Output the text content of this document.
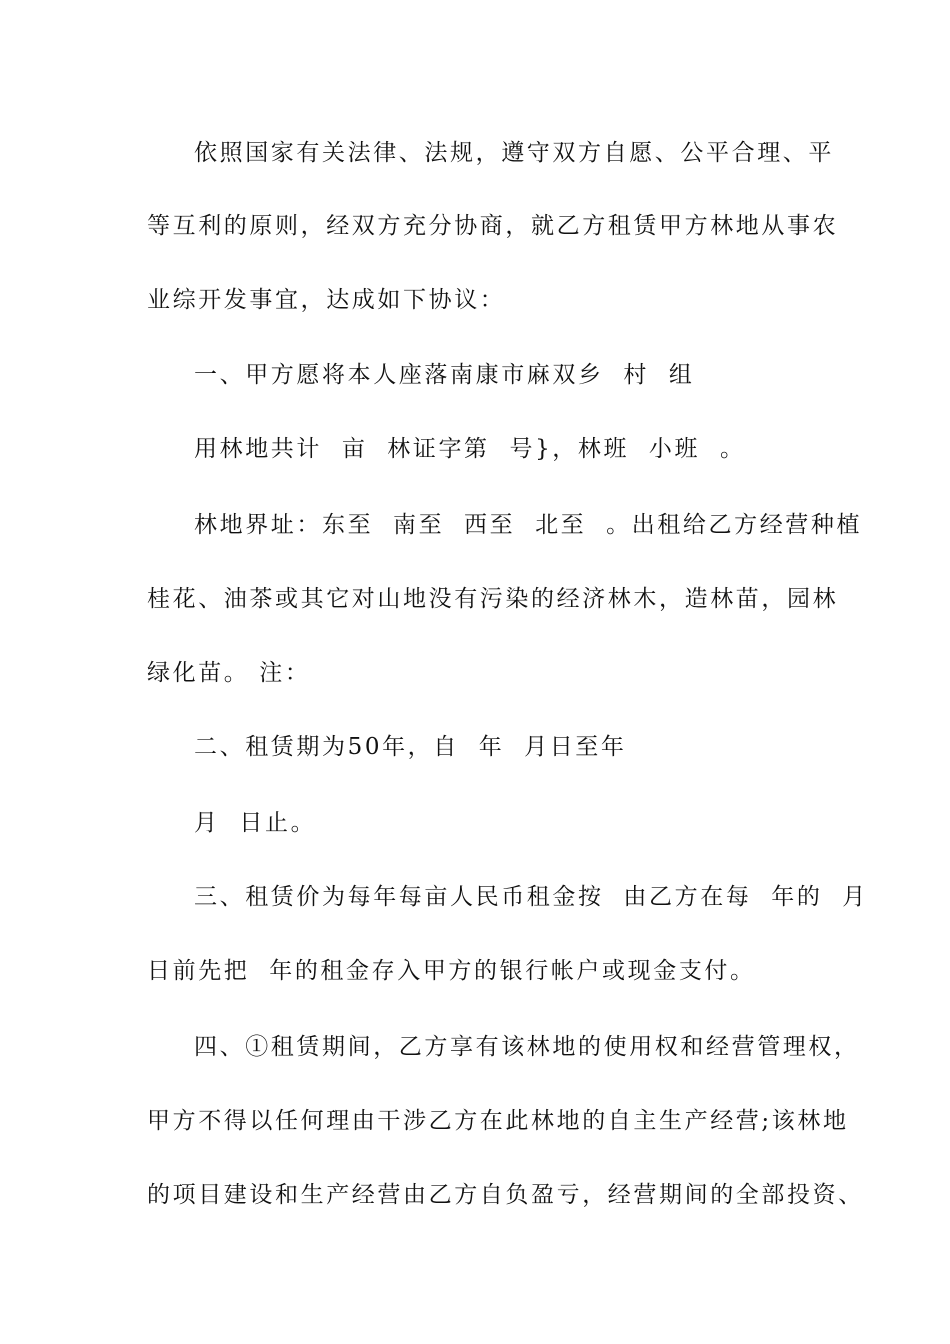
依照国家有关法律、法规，遵守双方自愿、公平合理、平
等互利的原则，经双方充分协商，就乙方租赁甲方林地从事农
业综开发事宜，达成如下协议：
一、甲方愿将本人座落南康市麻双乡  村  组
用林地共计  亩  林证字第  号}，林班  小班  。
林地界址：东至  南至  西至  北至  。出租给乙方经营种植
桂花、油茶或其它对山地没有污染的经济林木，造林苗，园林
绿化苗。 注：
二、租赁期为50年，自  年  月日至年
月  日止。
三、租赁价为每年每亩人民币租金按  由乙方在每  年的  月
日前先把  年的租金存入甲方的银行帐户或现金支付。
四、①租赁期间，乙方享有该林地的使用权和经营管理权，
甲方不得以任何理由干涉乙方在此林地的自主生产经营;该林地
的项目建设和生产经营由乙方自负盈亏，经营期间的全部投资、
